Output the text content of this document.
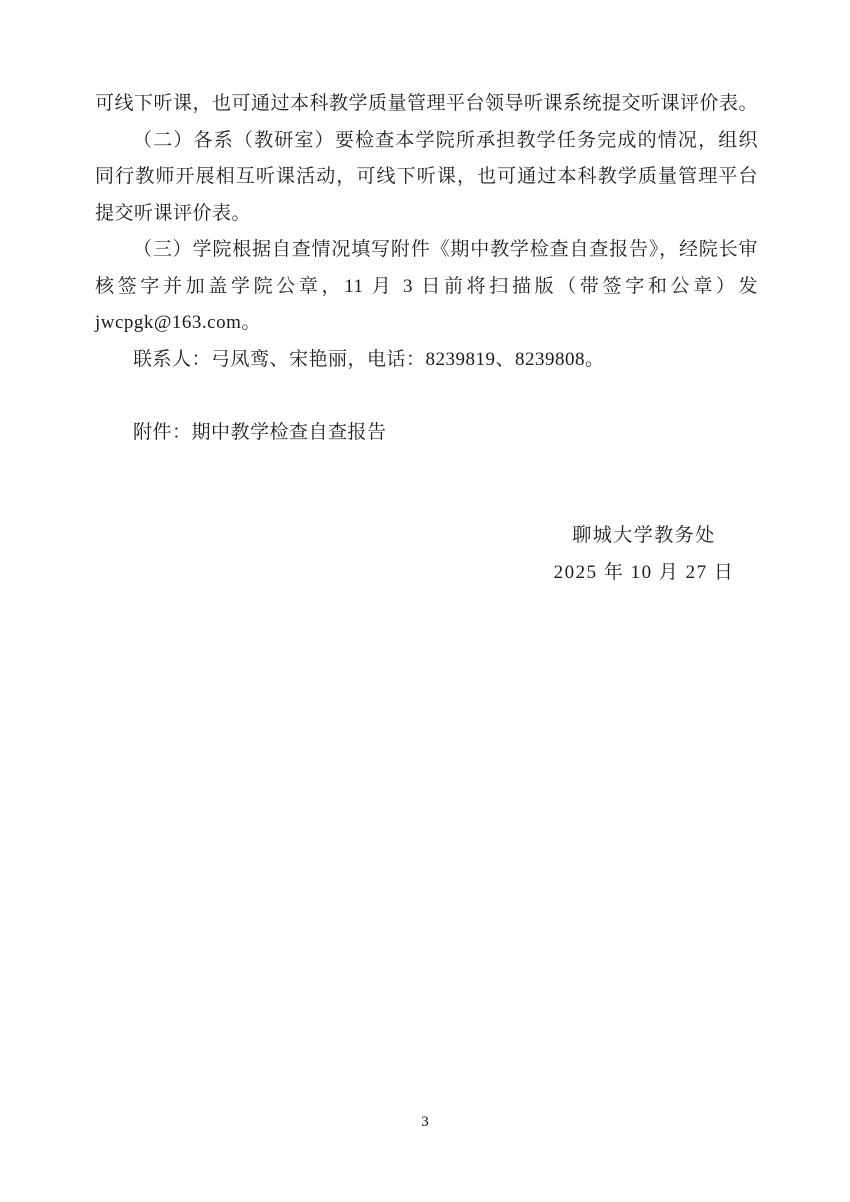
可线下听课，也可通过本科教学质量管理平台领导听课系统提交听课评价表。

（二）各系（教研室）要检查本学院所承担教学任务完成的情况，组织

同行教师开展相互听课活动，可线下听课，也可通过本科教学质量管理平台

提交听课评价表。

（三）学院根据自查情况填写附件《期中教学检查自查报告》，经院长审

核签字并加盖学院公章，11 月 3 日前将扫描版（带签字和公章）发

jwcpgk@163.com。

联系人：弓凤鸾、宋艳丽，电话：8239819、8239808。

附件：期中教学检查自查报告

聊城大学教务处

2025 年 10 月 27 日

3
